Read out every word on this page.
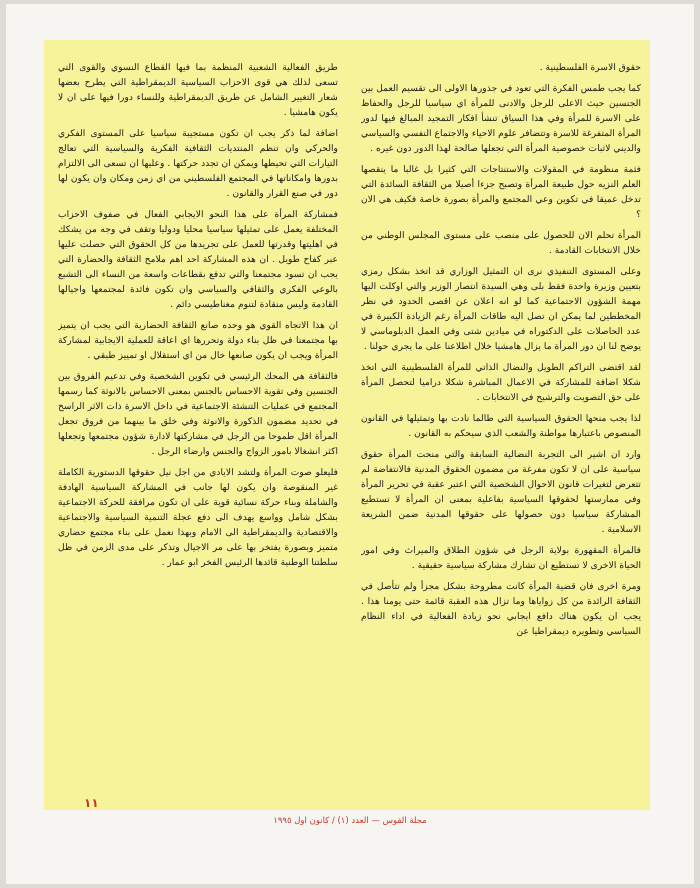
حقوق الاسرة الفلسطينية .

كما يجب طمس الفكرة التي تعود في جذورها الاولى الى تقسيم العمل بين الجنسين حيث الاعلى للرجل والادنى للمرأة اي سياسيا للرجل والحفاظ على الاسرة للمرأة وفي هذا السياق تنشأ افكار التمجيد المبالغ فيها لدور المرأة المتفرغة للاسرة وتتضافر علوم الاحياء والاجتماع النفسي والسياسي والديني لاثبات خصوصية المرأة التي تجعلها صالحة لهذا الدور دون غيره .

فثمة منظومة في المقولات والاستنتاجات التي كثيرا بل غالبا ما ينقصها العلم النزيه حول طبيعة المرأة وتصبح جزءا أصيلا من الثقافة السائدة التي تدخل عميقا في تكوين وعي المجتمع والمرأة بصورة خاصة فكيف هي الان ؟

المرأة تحلم الان للحصول على منصب على مستوى المجلس الوطني من خلال الانتخابات القادمة .

وعلى المستوى التنفيذي نرى ان التمثيل الوزاري قد اتخذ بشكل رمزي بتعيين وزيرة واحدة فقط بلى وهي السيدة انتصار الوزير والتي اوكلت اليها مهمة الشؤون الاجتماعية كما لو انه اعلان عن اقصى الحدود في نظر المخططين لما يمكن ان تصل اليه طاقات المرأة رغم الزيادة الكبيرة في عدد الحاصلات على الدكتوراه في ميادين شتى وفي العمل الدبلوماسي لا يوضح لنا ان دور المرأة ما يزال هامشيا خلال اطلاعنا على ما يجري حولنا .

لقد اقتضى التراكم الطويل والنضال الذاتي للمرأة الفلسطينية التي اتخذ شكلا اضافة للمشاركة في الاعمال المباشرة شكلا دراميا لتحصل المرأة على حق التصويت والترشيح في الانتخابات .

لذا يجب منحها الحقوق السياسية التي طالما نادت بها وتمثيلها في القانون المنصوص باعتبارها مواطنة والشعب الذي سيحكم به القانون .

وارد ان اشير الى التجربة النضالية السابقة والتي منحت المرأة حقوق سياسية على ان لا تكون مفرغة من مضمون الحقوق المدنية فالانتفاضة لم تتعرض لتغيرات قانون الاحوال الشخصية التي اعتبر عقبة في تحرير المرأة وفي ممارستها لحقوقها السياسية بفاعلية بمعنى ان المرأة لا تستطيع المشاركة سياسيا دون حصولها على حقوقها المدنية ضمن الشريعة الاسلامية .

فالمرأة المقهورة بولاية الرجل في شؤون الطلاق والميراث وفي امور الحياة الاخرى لا تستطيع ان تشارك مشاركة سياسية حقيقية .

ومرة اخرى فان قضية المرأة كانت مطروحة بشكل مجزأ ولم تتأصل في الثقافة الرائدة من كل زواياها وما تزال هذه العقبة قائمة حتى يومنا هذا . يجب ان يكون هناك دافع ايجابي نحو زيادة الفعالية في اداء النظام السياسي وتطويره ديمقراطيا عن

طريق الفعالية الشعبية المنظمة بما فيها القطاع النسوي والقوى التي تسعى لذلك هي قوى الاحزاب السياسية الديمقراطية التي يطرح بعضها شعار التغيير الشامل عن طريق الديمقراطية وللنساء دورا فيها على ان لا يكون هامشيا .

اضافة لما ذكر يجب ان تكون مستجيبة سياسيا على المستوى الفكري والحركي وان تنظم المنتديات الثقافية الفكرية والسياسية التي تعالج التيارات التي تحيطها ويمكن ان تجدد حركتها . وعليها ان تسعى الى الالتزام بدورها وامكاناتها في المجتمع الفلسطيني من اي زمن ومكان وان يكون لها دور في صنع القرار والقانون .

فمشاركة المرأة على هذا النحو الايجابي الفعال في صفوف الاحزاب المختلفة يعمل على تمثيلها سياسيا محليا ودوليا وتقف في وجه من يشكك في اهليتها وقدرتها للعمل على تجريدها من كل الحقوق التي حصلت عليها عبر كفاح طويل . ان هذه المشاركة احد اهم ملامح الثقافة والحضارة التي يجب ان تسود مجتمعنا والتي تدفع بقطاعات واسعة من النساء الى التشبع بالوعي الفكري والثقافي والسياسي وان تكون فائدة لمجتمعها واجيالها القادمة وليس منقادة لتنوم مغناطيسي دائم .

ان هذا الاتجاه القوي هو وحده صانع الثقافة الحضارية التي يجب ان يتميز بها مجتمعنا في ظل بناء دولة وتحررها اي اعاقة للعملية الايجابية لمشاركة المرأة ويجب ان يكون صانعها خال من اي استقلال او تمييز طبقي .

فالثقافة هي المحك الرئيسي في تكوين الشخصية وفي تدعيم الفروق بين الجنسين وفي تقوية الاحساس بالجنس بمعنى الاحساس بالانوثة كما رسمها المجتمع في عمليات التنشئة الاجتماعية في داخل الاسرة ذات الاثر الراسخ في تحديد مضمون الذكورة والانوثة وفي خلق ما بينهما من فروق تجعل المرأة اقل طموحا من الرجل في مشاركتها لادارة شؤون مجتمعها وتجعلها اكثر انشغالا بامور الزواج والجنس وارضاء الرجل .

فليعلو صوت المرأة ولتشد الايادي من اجل نيل حقوقها الدستورية الكاملة غير المنقوصة وان يكون لها جانب في المشاركة السياسية الهادفة والشاملة وبناء حركة نسائية قوية على ان تكون مرافقة للحركة الاجتماعية بشكل شامل وواسع يهدف الى دفع عجلة التنمية السياسية والاجتماعية والاقتصادية والديمقراطية الى الامام وبهذا نعمل على بناء مجتمع حضاري متميز وبصورة يفتخر بها على مر الاجيال وتذكر على مدى الزمن في ظل سلطتنا الوطنية قائدها الرئيس الفخر ابو عمار .

١١
مجلة القوس — العدد (١) / كانون اول ١٩٩٥
